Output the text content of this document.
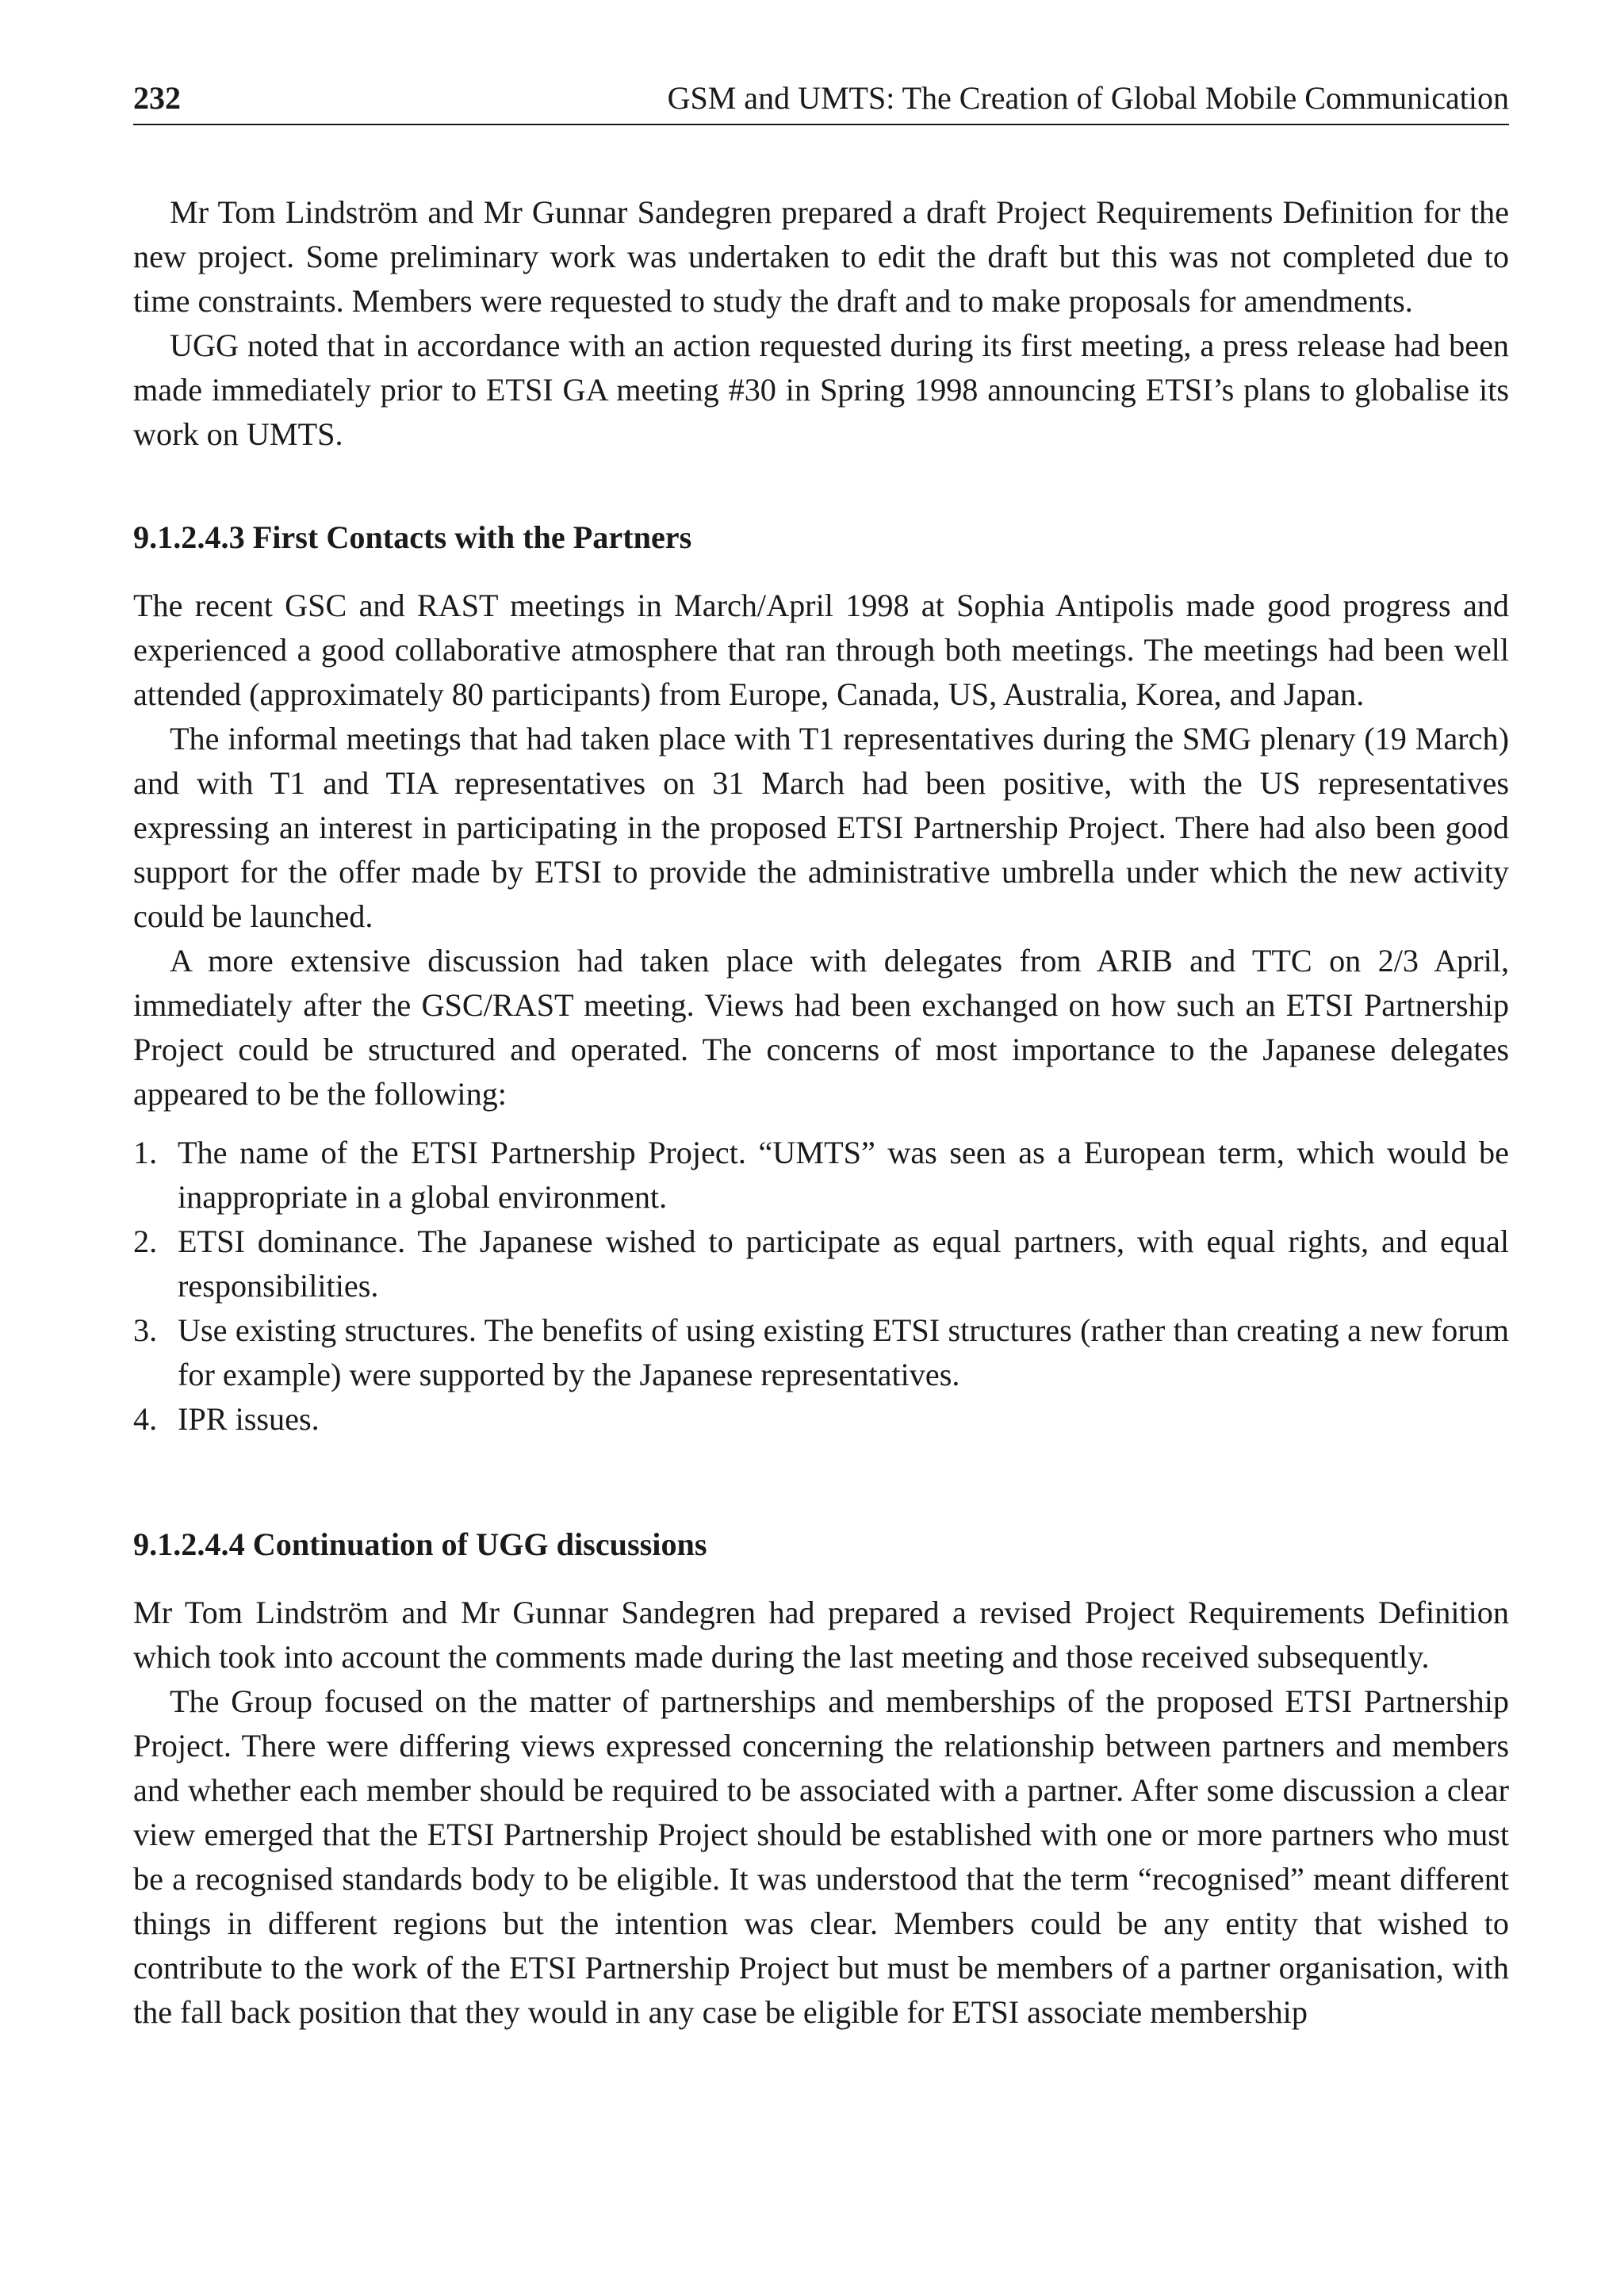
232	GSM and UMTS: The Creation of Global Mobile Communication

Mr Tom Lindström and Mr Gunnar Sandegren prepared a draft Project Requirements Definition for the new project. Some preliminary work was undertaken to edit the draft but this was not completed due to time constraints. Members were requested to study the draft and to make proposals for amendments.

UGG noted that in accordance with an action requested during its first meeting, a press release had been made immediately prior to ETSI GA meeting #30 in Spring 1998 announcing ETSI’s plans to globalise its work on UMTS.

9.1.2.4.3 First Contacts with the Partners

The recent GSC and RAST meetings in March/April 1998 at Sophia Antipolis made good progress and experienced a good collaborative atmosphere that ran through both meetings. The meetings had been well attended (approximately 80 participants) from Europe, Canada, US, Australia, Korea, and Japan.

The informal meetings that had taken place with T1 representatives during the SMG plenary (19 March) and with T1 and TIA representatives on 31 March had been positive, with the US representatives expressing an interest in participating in the proposed ETSI Partnership Project. There had also been good support for the offer made by ETSI to provide the administrative umbrella under which the new activity could be launched.

A more extensive discussion had taken place with delegates from ARIB and TTC on 2/3 April, immediately after the GSC/RAST meeting. Views had been exchanged on how such an ETSI Partnership Project could be structured and operated. The concerns of most importance to the Japanese delegates appeared to be the following:

1. The name of the ETSI Partnership Project. “UMTS” was seen as a European term, which would be inappropriate in a global environment.
2. ETSI dominance. The Japanese wished to participate as equal partners, with equal rights, and equal responsibilities.
3. Use existing structures. The benefits of using existing ETSI structures (rather than creating a new forum for example) were supported by the Japanese representatives.
4. IPR issues.
9.1.2.4.4 Continuation of UGG discussions

Mr Tom Lindström and Mr Gunnar Sandegren had prepared a revised Project Requirements Definition which took into account the comments made during the last meeting and those received subsequently.

The Group focused on the matter of partnerships and memberships of the proposed ETSI Partnership Project. There were differing views expressed concerning the relationship between partners and members and whether each member should be required to be associated with a partner. After some discussion a clear view emerged that the ETSI Partnership Project should be established with one or more partners who must be a recognised standards body to be eligible. It was understood that the term “recognised” meant different things in different regions but the intention was clear. Members could be any entity that wished to contribute to the work of the ETSI Partnership Project but must be members of a partner organisation, with the fall back position that they would in any case be eligible for ETSI associate membership
